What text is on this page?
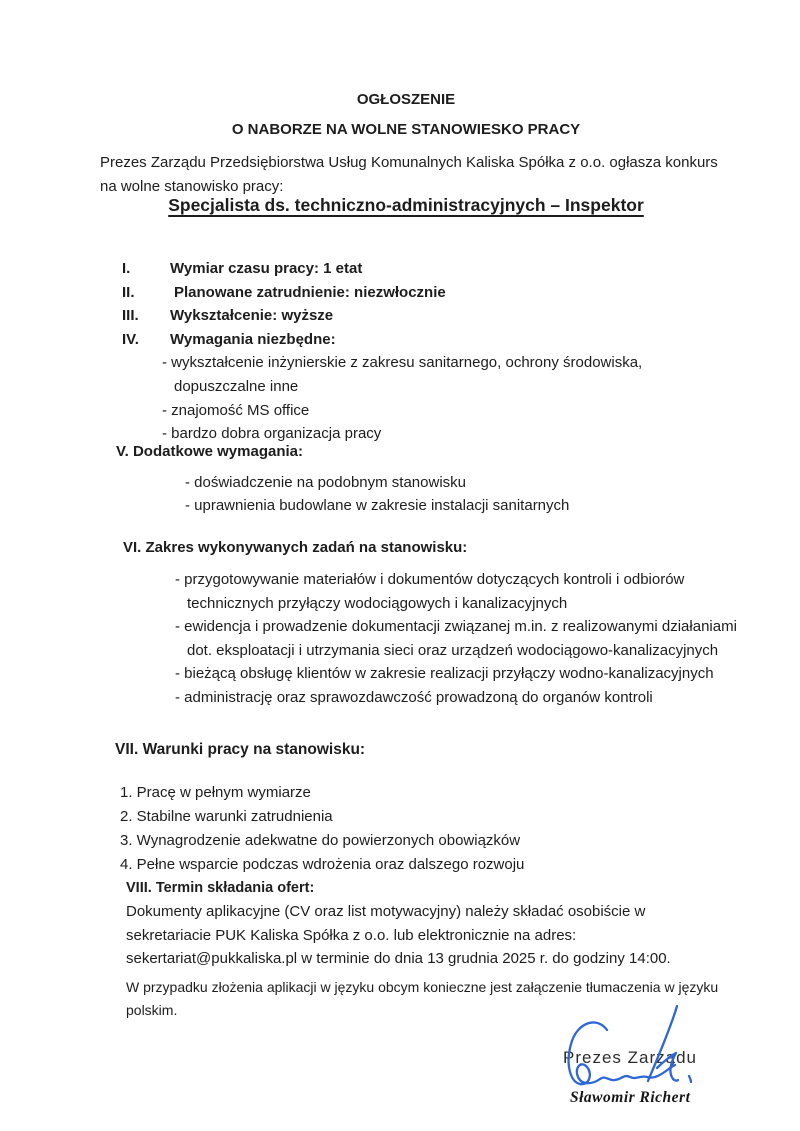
OGŁOSZENIE
O NABORZE NA WOLNE STANOWIESKO PRACY
Prezes Zarządu Przedsiębiorstwa Usług Komunalnych Kaliska Spółka z o.o. ogłasza konkurs na wolne stanowisko pracy:
Specjalista ds. techniczno-administracyjnych – Inspektor
I.	Wymiar czasu pracy: 1 etat
II.	Planowane zatrudnienie: niezwłocznie
III.	Wykształcenie: wyższe
IV.	Wymagania niezbędne:
- wykształcenie inżynierskie z zakresu sanitarnego, ochrony środowiska, dopuszczalne inne
- znajomość MS office
- bardzo dobra organizacja pracy
V. Dodatkowe wymagania:
- doświadczenie na podobnym stanowisku
- uprawnienia budowlane w zakresie instalacji sanitarnych
VI. Zakres wykonywanych zadań na stanowisku:
- przygotowywanie materiałów i dokumentów dotyczących kontroli i odbiorów technicznych przyłączy wodociągowych i kanalizacyjnych
- ewidencja i prowadzenie dokumentacji związanej m.in. z realizowanymi działaniami dot. eksploatacji i utrzymania sieci oraz urządzeń wodociągowo-kanalizacyjnych
- bieżącą obsługę klientów w zakresie realizacji przyłączy wodno-kanalizacyjnych
- administrację oraz sprawozdawczość prowadzoną do organów kontroli
VII. Warunki pracy na stanowisku:
1. Pracę w pełnym wymiarze
2. Stabilne warunki zatrudnienia
3. Wynagrodzenie adekwatne do powierzonych obowiązków
4. Pełne wsparcie podczas wdrożenia oraz dalszego rozwoju
VIII. Termin składania ofert:
Dokumenty aplikacyjne (CV oraz list motywacyjny) należy składać osobiście w sekretariacie PUK Kaliska Spółka z o.o. lub elektronicznie na adres: sekertariat@pukkaliska.pl w terminie do dnia 13 grudnia 2025 r. do godziny 14:00.
W przypadku złożenia aplikacji w języku obcym konieczne jest załączenie tłumaczenia w języku polskim.
Prezes Zarządu
Sławomir Richert
